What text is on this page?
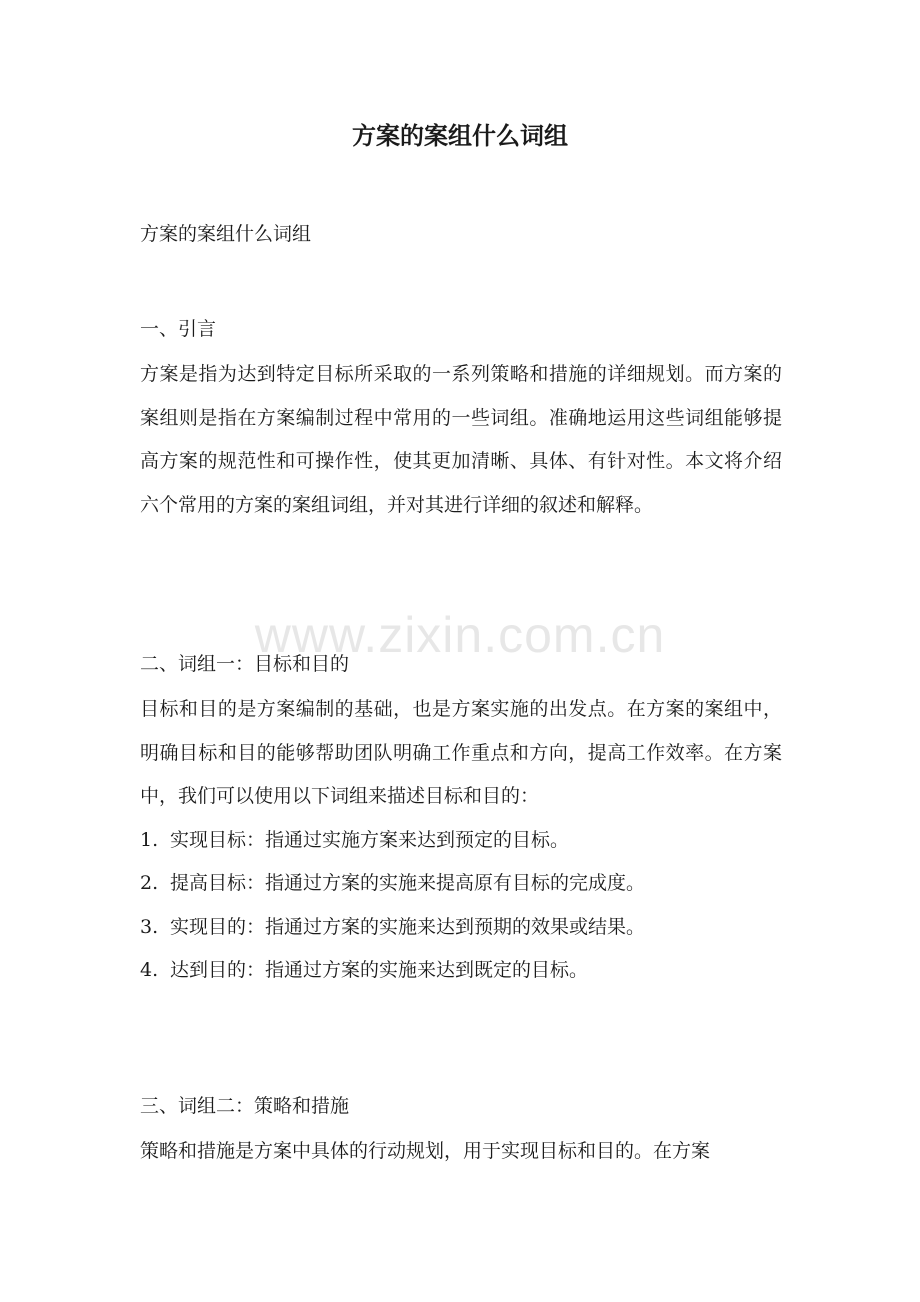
方案的案组什么词组

方案的案组什么词组

一、引言

方案是指为达到特定目标所采取的一系列策略和措施的详细规划。而方案的案组则是指在方案编制过程中常用的一些词组。准确地运用这些词组能够提高方案的规范性和可操作性，使其更加清晰、具体、有针对性。本文将介绍六个常用的方案的案组词组，并对其进行详细的叙述和解释。

www.zixin.com.cn

二、词组一：目标和目的

目标和目的是方案编制的基础，也是方案实施的出发点。在方案的案组中，明确目标和目的能够帮助团队明确工作重点和方向，提高工作效率。在方案中，我们可以使用以下词组来描述目标和目的：

1. 实现目标：指通过实施方案来达到预定的目标。

2. 提高目标：指通过方案的实施来提高原有目标的完成度。

3. 实现目的：指通过方案的实施来达到预期的效果或结果。

4. 达到目的：指通过方案的实施来达到既定的目标。

三、词组二：策略和措施

策略和措施是方案中具体的行动规划，用于实现目标和目的。在方案
